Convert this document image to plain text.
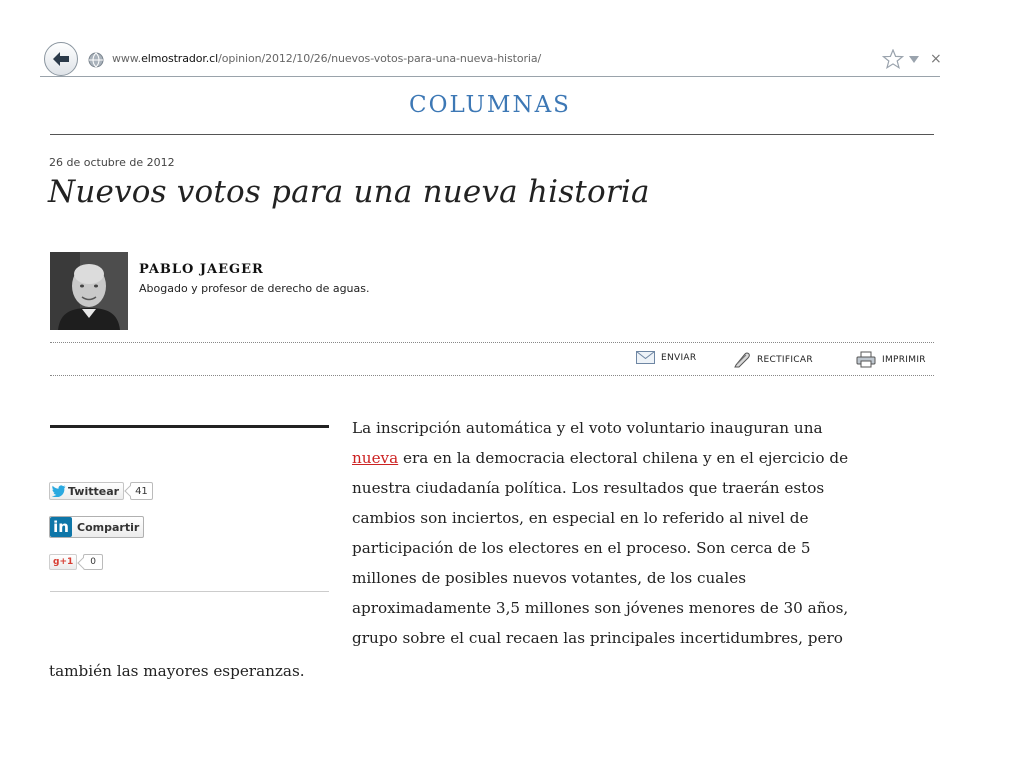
www.elmostrador.cl/opinion/2012/10/26/nuevos-votos-para-una-nueva-historia/	×
COLUMNAS
26 de octubre de 2012
Nuevos votos para una nueva historia
PABLO JAEGER
Abogado y profesor de derecho de aguas.
ENVIAR	RECTIFICAR	IMPRIMIR
Twittear	41
in Compartir
g+1	0
La inscripción automática y el voto voluntario inauguran una
nueva era en la democracia electoral chilena y en el ejercicio de
nuestra ciudadanía política. Los resultados que traerán estos
cambios son inciertos, en especial en lo referido al nivel de
participación de los electores en el proceso. Son cerca de 5
millones de posibles nuevos votantes, de los cuales
aproximadamente 3,5 millones son jóvenes menores de 30 años,
grupo sobre el cual recaen las principales incertidumbres, pero
también las mayores esperanzas.
